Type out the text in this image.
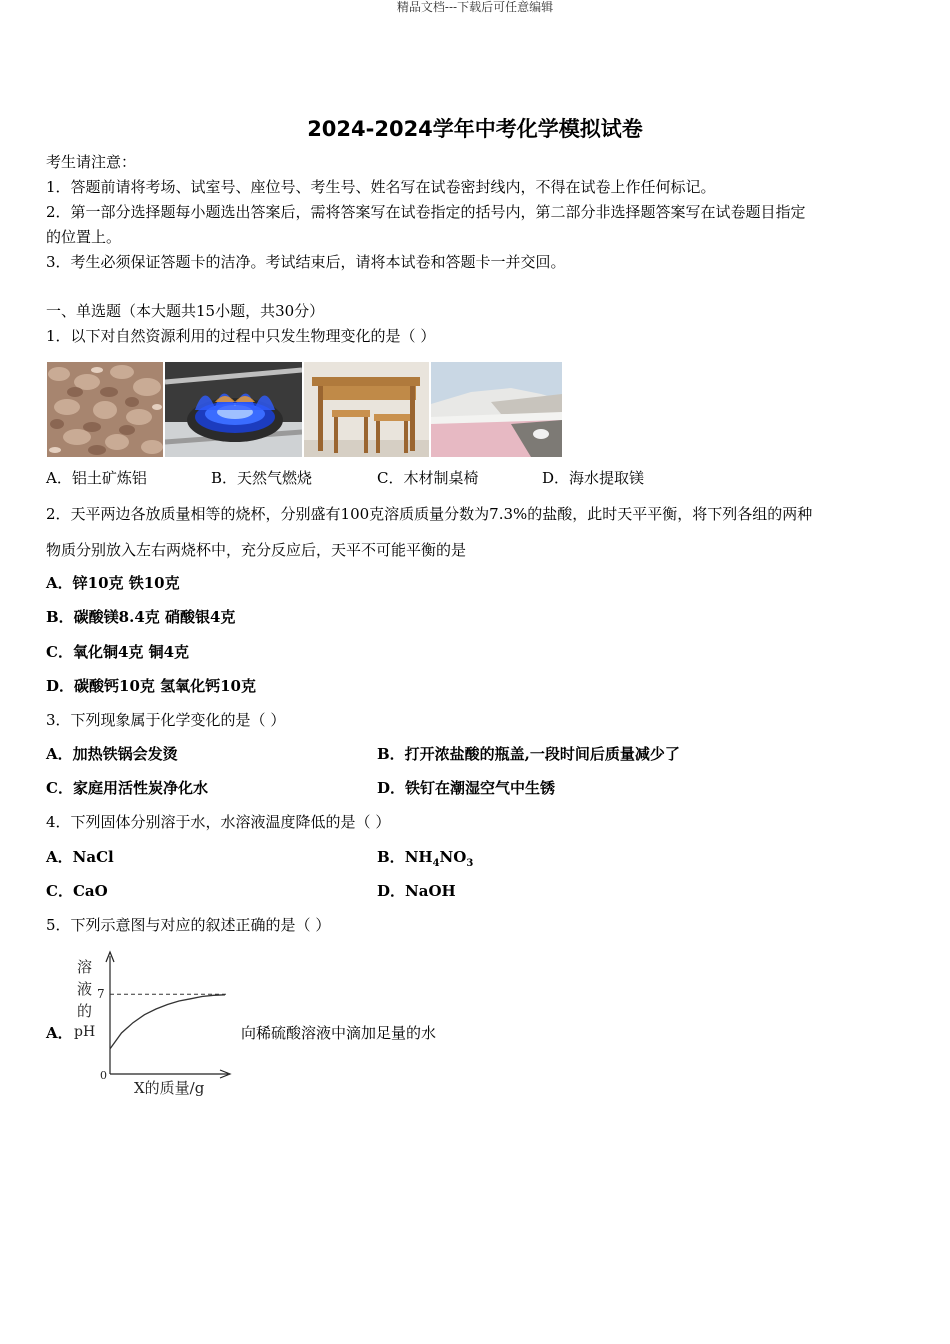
精品文档---下载后可任意编辑
2024-2024学年中考化学模拟试卷
考生请注意：
1．答题前请将考场、试室号、座位号、考生号、姓名写在试卷密封线内，不得在试卷上作任何标记。
2．第一部分选择题每小题选出答案后，需将答案写在试卷指定的括号内，第二部分非选择题答案写在试卷题目指定
的位置上。
3．考生必须保证答题卡的洁净。考试结束后，请将本试卷和答题卡一并交回。
一、单选题（本大题共15小题，共30分）
1．以下对自然资源利用的过程中只发生物理变化的是（ ）
A．铝土矿炼铝	B．天然气燃烧	C．木材制桌椅	D．海水提取镁
2．天平两边各放质量相等的烧杯，分别盛有100克溶质质量分数为7.3%的盐酸，此时天平平衡，将下列各组的两种
物质分别放入左右两烧杯中，充分反应后，天平不可能平衡的是
A．锌10克 铁10克
B．碳酸镁8.4克 硝酸银4克
C．氧化铜4克 铜4克
D．碳酸钙10克 氢氧化钙10克
3．下列现象属于化学变化的是（ ）
A．加热铁锅会发烫	B．打开浓盐酸的瓶盖,一段时间后质量减少了
C．家庭用活性炭净化水	D．铁钉在潮湿空气中生锈
4．下列固体分别溶于水，水溶液温度降低的是（ ）
A．NaCl	B．$NH_4NO_3$
C．CaO	D．NaOH
5．下列示意图与对应的叙述正确的是（ ）
A．	向稀硫酸溶液中滴加足量的水
溶
液
的
pH
7
0
X的质量/g
